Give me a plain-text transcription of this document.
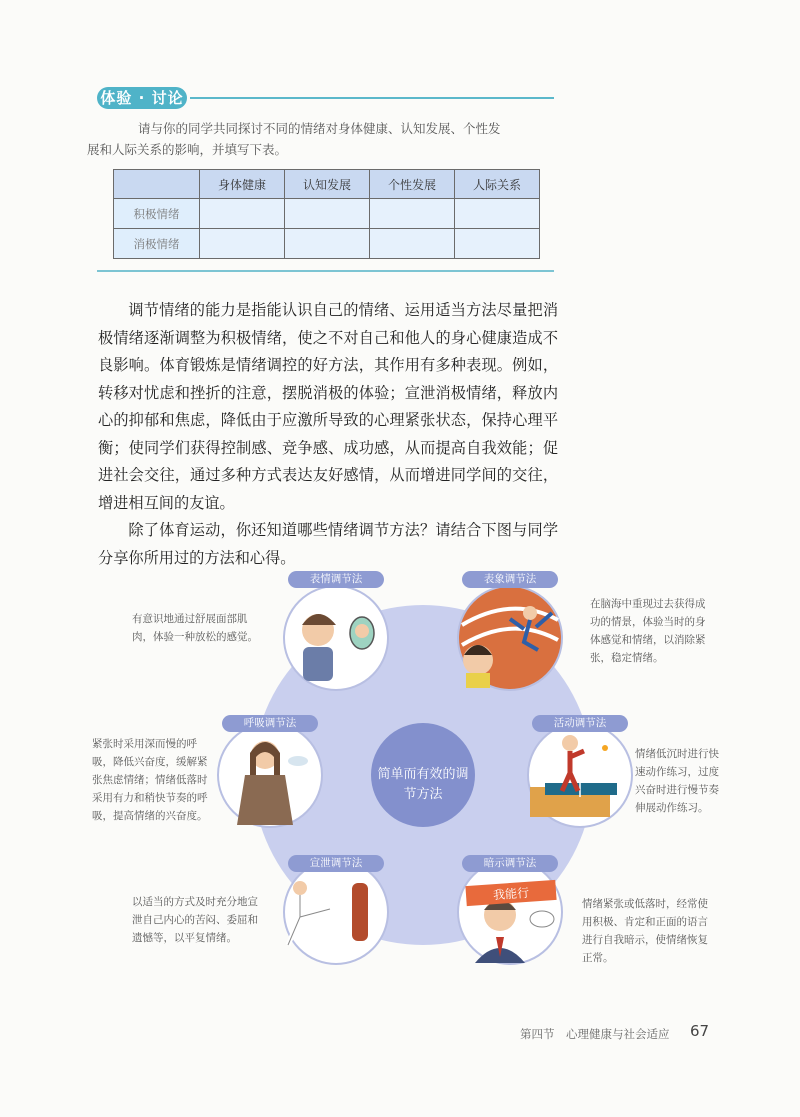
体验 · 讨论

请与你的同学共同探讨不同的情绪对身体健康、认知发展、个性发

展和人际关系的影响，并填写下表。

	身体健康	认知发展	个性发展	人际关系
积极情绪				
消极情绪				

调节情绪的能力是指能认识自己的情绪、运用适当方法尽量把消极情绪逐渐调整为积极情绪，使之不对自己和他人的身心健康造成不良影响。体育锻炼是情绪调控的好方法，其作用有多种表现。例如，转移对忧虑和挫折的注意，摆脱消极的体验；宣泄消极情绪，释放内心的抑郁和焦虑，降低由于应激所导致的心理紧张状态，保持心理平衡；使同学们获得控制感、竞争感、成功感，从而提高自我效能；促进社会交往，通过多种方式表达友好感情，从而增进同学间的交往，增进相互间的友谊。

除了体育运动，你还知道哪些情绪调节方法？请结合下图与同学分享你所用过的方法和心得。

我能行
简单而有效的调节方法
表情调节法	表象调节法
呼吸调节法	活动调节法
宣泄调节法	暗示调节法
有意识地通过舒展面部肌肉，体验一种放松的感觉。
在脑海中重现过去获得成功的情景，体验当时的身体感觉和情绪，以消除紧张，稳定情绪。
紧张时采用深而慢的呼吸，降低兴奋度，缓解紧张焦虑情绪；情绪低落时采用有力和稍快节奏的呼吸，提高情绪的兴奋度。
情绪低沉时进行快速动作练习，过度兴奋时进行慢节奏伸展动作练习。
以适当的方式及时充分地宣泄自己内心的苦闷、委屈和遗憾等，以平复情绪。
情绪紧张或低落时，经常使用积极、肯定和正面的语言进行自我暗示，使情绪恢复正常。
第四节　心理健康与社会适应 67
